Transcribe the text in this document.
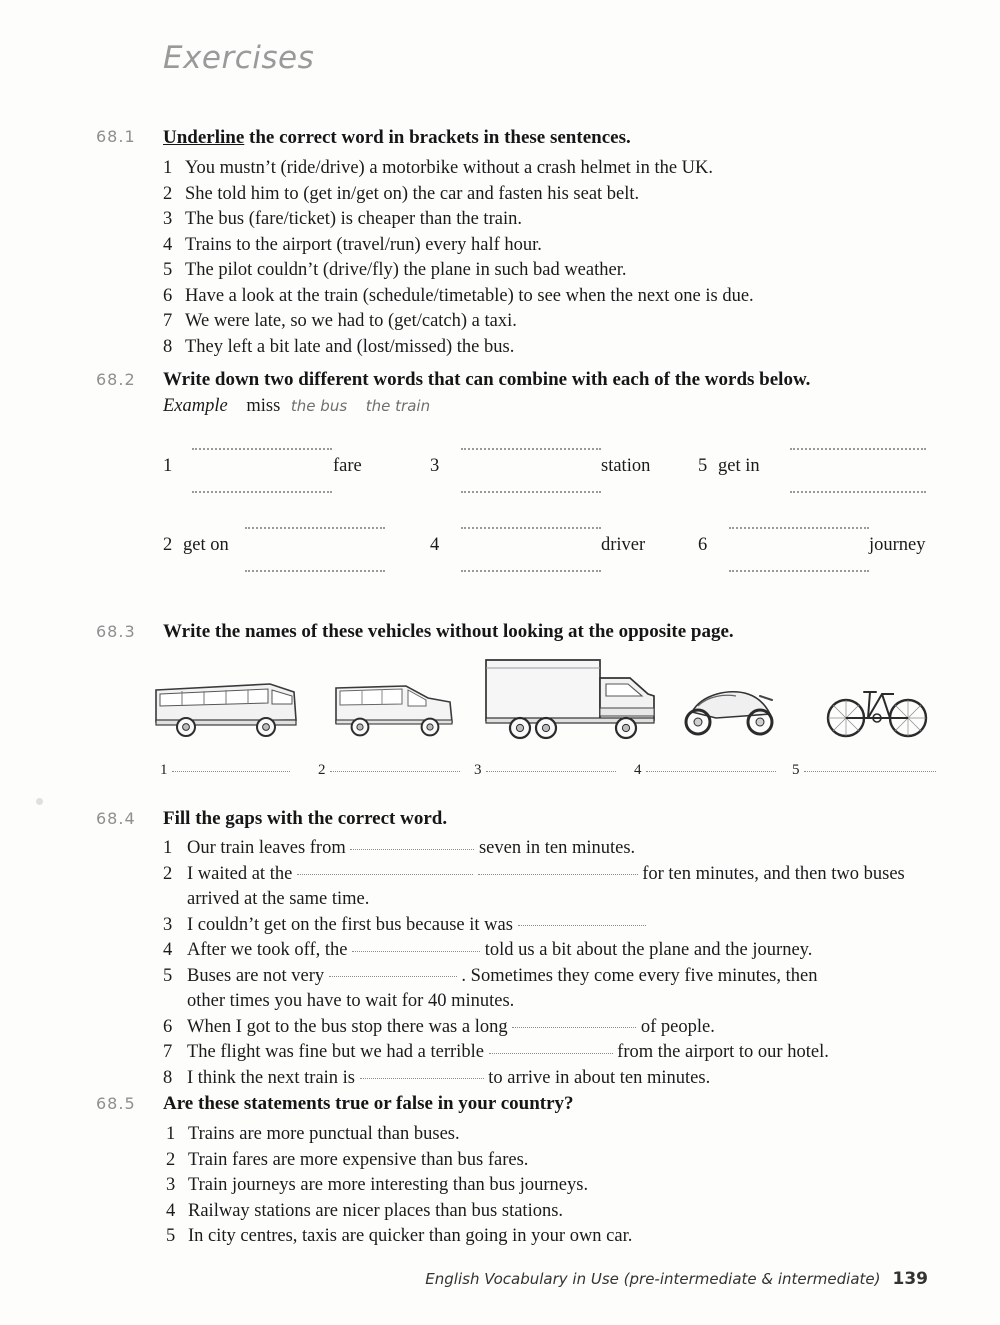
Exercises
68.1 Underline the correct word in brackets in these sentences.
1 You mustn’t (ride/drive) a motorbike without a crash helmet in the UK.
2 She told him to (get in/get on) the car and fasten his seat belt.
3 The bus (fare/ticket) is cheaper than the train.
4 Trains to the airport (travel/run) every half hour.
5 The pilot couldn’t (drive/fly) the plane in such bad weather.
6 Have a look at the train (schedule/timetable) to see when the next one is due.
7 We were late, so we had to (get/catch) a taxi.
8 They left a bit late and (lost/missed) the bus.
68.2 Write down two different words that can combine with each of the words below.
Example miss the bus the train
1	fare	3	station	5 get in
2 get on	4	driver	6	journey
68.3 Write the names of these vehicles without looking at the opposite page.
1	2	3	4	5
68.4 Fill the gaps with the correct word.
1 Our train leaves from	seven in ten minutes.
2 I waited at the	for ten minutes, and then two buses
arrived at the same time.
3 I couldn’t get on the first bus because it was
4 After we took off, the	told us a bit about the plane and the journey.
5 Buses are not very	. Sometimes they come every five minutes, then
other times you have to wait for 40 minutes.
6 When I got to the bus stop there was a long	of people.
7 The flight was fine but we had a terrible	from the airport to our hotel.
8 I think the next train is	to arrive in about ten minutes.
68.5 Are these statements true or false in your country?
1 Trains are more punctual than buses.
2 Train fares are more expensive than bus fares.
3 Train journeys are more interesting than bus journeys.
4 Railway stations are nicer places than bus stations.
5 In city centres, taxis are quicker than going in your own car.
English Vocabulary in Use (pre-intermediate & intermediate) 139
